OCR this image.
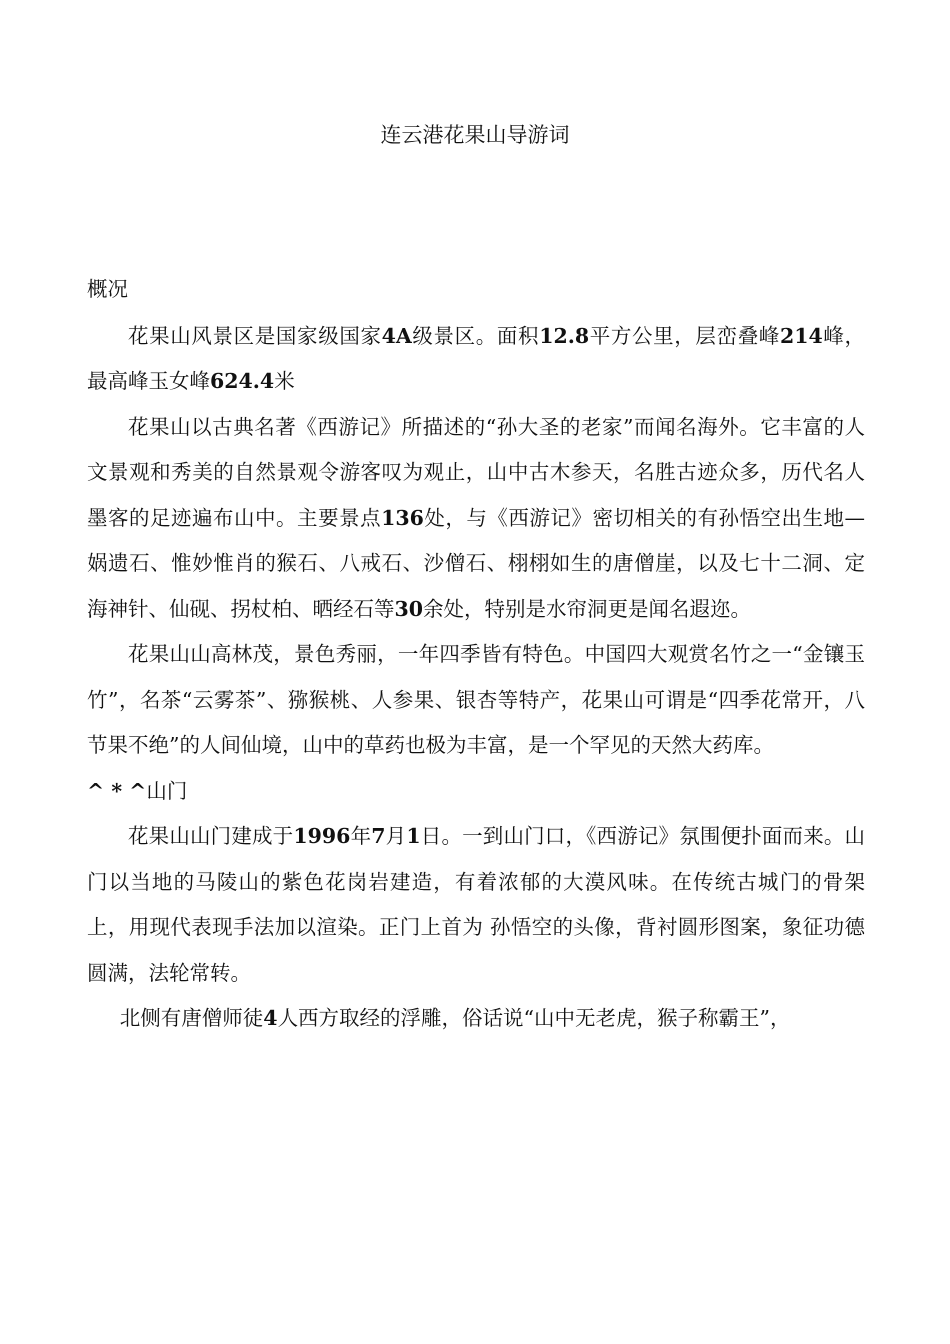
连云港花果山导游词

概况

花果山风景区是国家级国家4A级景区。面积12.8平方公里，层峦叠峰214峰，最高峰玉女峰624.4米

花果山以古典名著《西游记》所描述的“孙大圣的老家”而闻名海外。它丰富的人文景观和秀美的自然景观令游客叹为观止，山中古木参天，名胜古迹众多，历代名人墨客的足迹遍布山中。主要景点136处，与《西游记》密切相关的有孙悟空出生地—娲遗石、惟妙惟肖的猴石、八戒石、沙僧石、栩栩如生的唐僧崖，以及七十二洞、定海神针、仙砚、拐杖柏、晒经石等30余处，特别是水帘洞更是闻名遐迩。

花果山山高林茂，景色秀丽，一年四季皆有特色。中国四大观赏名竹之一“金镶玉竹”，名茶“云雾茶”、猕猴桃、人参果、银杏等特产，花果山可谓是“四季花常开，八节果不绝”的人间仙境，山中的草药也极为丰富，是一个罕见的天然大药库。

^ * ^山门

花果山山门建成于1996年7月1日。一到山门口，《西游记》氛围便扑面而来。山门以当地的马陵山的紫色花岗岩建造，有着浓郁的大漠风味。在传统古城门的骨架上，用现代表现手法加以渲染。正门上首为 孙悟空的头像，背衬圆形图案，象征功德圆满，法轮常转。

北侧有唐僧师徒4人西方取经的浮雕，俗话说“山中无老虎，猴子称霸王”，
